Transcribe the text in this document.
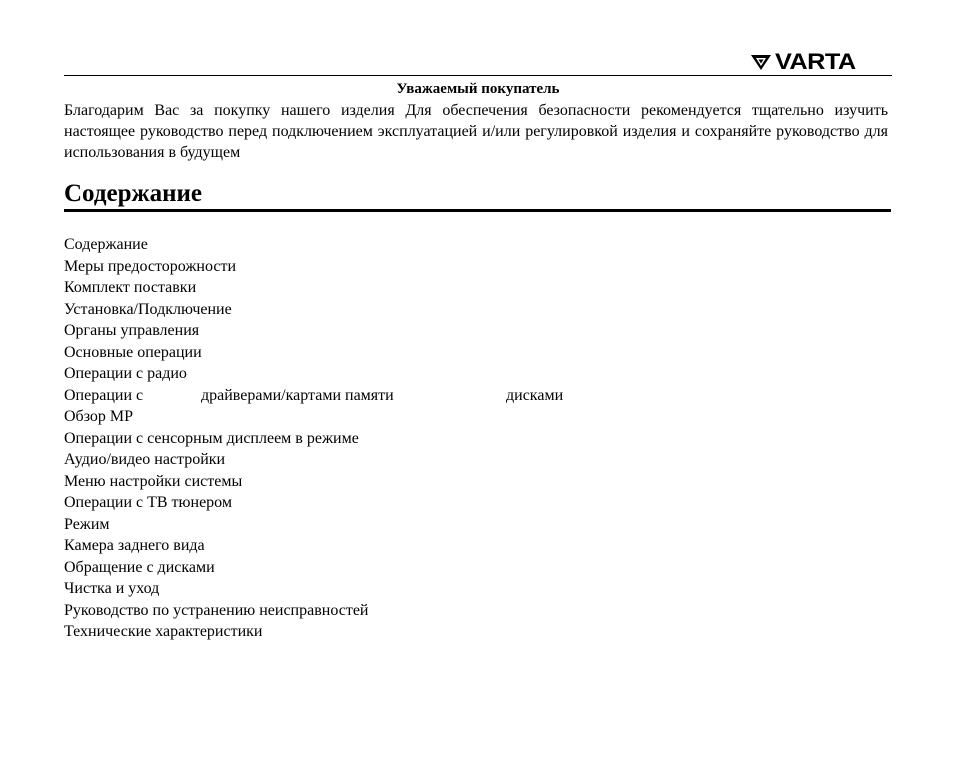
VARTA
Уважаемый покупатель

Благодарим Вас за покупку нашего изделия Для обеспечения безопасности рекомендуется тщательно изучить настоящее руководство перед подключением эксплуатацией и/или регулировкой изделия и сохраняйте руководство для использования в будущем

Содержание
Содержание
Меры предосторожности
Комплект поставки
Установка/Подключение
Органы управления
Основные операции
Операции с радио
Операции с	драйверами/картами памяти	дисками
Обзор MP
Операции с сенсорным дисплеем в режиме
Аудио/видео настройки
Меню настройки системы
Операции с ТВ тюнером
Режим
Камера заднего вида
Обращение с дисками
Чистка и уход
Руководство по устранению неисправностей
Технические характеристики
